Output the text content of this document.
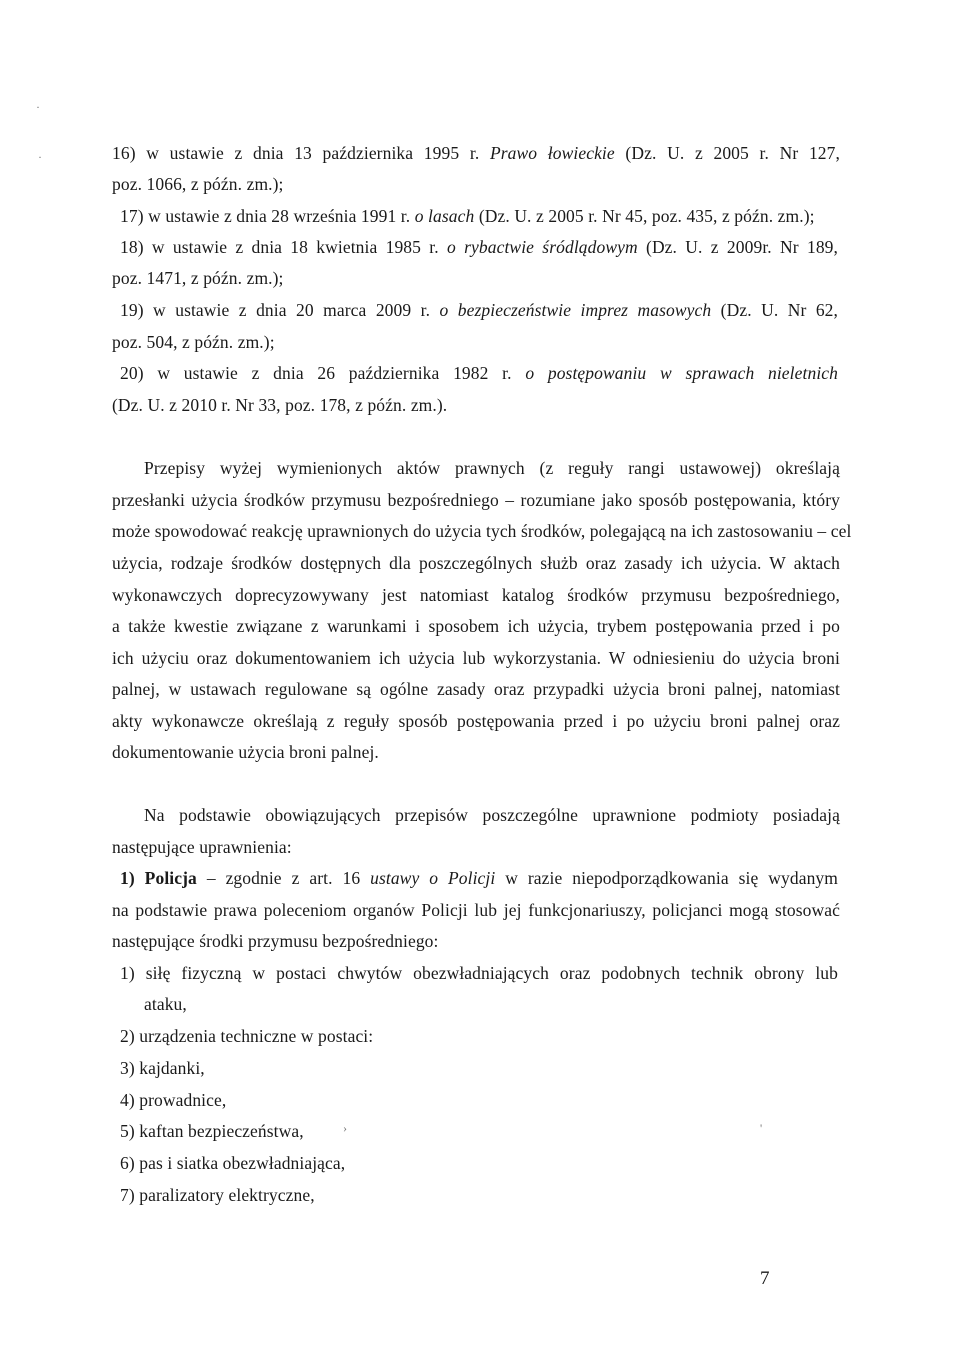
16) w ustawie z dnia 13 października 1995 r. Prawo łowieckie (Dz. U. z 2005 r. Nr 127,
poz. 1066, z późn. zm.);
17) w ustawie z dnia 28 września 1991 r. o lasach (Dz. U. z 2005 r. Nr 45, poz. 435, z późn. zm.);
18) w ustawie z dnia 18 kwietnia 1985 r. o rybactwie śródlądowym (Dz. U. z 2009r. Nr 189,
poz. 1471, z późn. zm.);
19) w ustawie z dnia 20 marca 2009 r. o bezpieczeństwie imprez masowych (Dz. U. Nr 62,
poz. 504, z późn. zm.);
20) w ustawie z dnia 26 października 1982 r. o postępowaniu w sprawach nieletnich
(Dz. U. z 2010 r. Nr 33, poz. 178, z późn. zm.).
Przepisy wyżej wymienionych aktów prawnych (z reguły rangi ustawowej) określają
przesłanki użycia środków przymusu bezpośredniego – rozumiane jako sposób postępowania, który
może spowodować reakcję uprawnionych do użycia tych środków, polegającą na ich zastosowaniu – cel
użycia, rodzaje środków dostępnych dla poszczególnych służb oraz zasady ich użycia. W aktach
wykonawczych doprecyzowywany jest natomiast katalog środków przymusu bezpośredniego,
a także kwestie związane z warunkami i sposobem ich użycia, trybem postępowania przed i po
ich użyciu oraz dokumentowaniem ich użycia lub wykorzystania. W odniesieniu do użycia broni
palnej, w ustawach regulowane są ogólne zasady oraz przypadki użycia broni palnej, natomiast
akty wykonawcze określają z reguły sposób postępowania przed i po użyciu broni palnej oraz
dokumentowanie użycia broni palnej.
Na podstawie obowiązujących przepisów poszczególne uprawnione podmioty posiadają
następujące uprawnienia:
1) Policja – zgodnie z art. 16 ustawy o Policji w razie niepodporządkowania się wydanym
na podstawie prawa poleceniom organów Policji lub jej funkcjonariuszy, policjanci mogą stosować
następujące środki przymusu bezpośredniego:
1) siłę fizyczną w postaci chwytów obezwładniających oraz podobnych technik obrony lub
ataku,
2) urządzenia techniczne w postaci:
3) kajdanki,
4) prowadnice,
5) kaftan bezpieczeństwa,
6) pas i siatka obezwładniająca,
7) paralizatory elektryczne,
·
·
›	'
7
